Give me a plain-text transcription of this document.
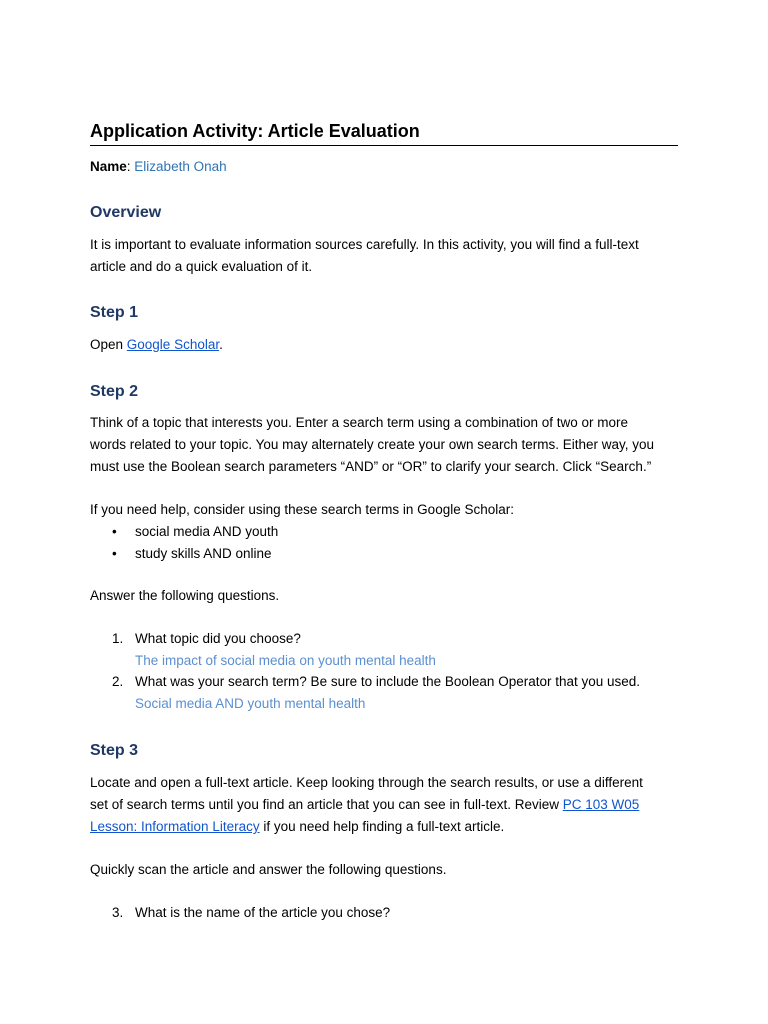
Application Activity: Article Evaluation
Name: Elizabeth Onah
Overview

It is important to evaluate information sources carefully. In this activity, you will find a full-text

article and do a quick evaluation of it.

Step 1

Open Google Scholar.

Step 2

Think of a topic that interests you. Enter a search term using a combination of two or more

words related to your topic. You may alternately create your own search terms. Either way, you

must use the Boolean search parameters “AND” or “OR” to clarify your search. Click “Search.”

If you need help, consider using these search terms in Google Scholar:

• social media AND youth
• study skills AND online

Answer the following questions.

1. What topic did you choose?
The impact of social media on youth mental health
2. What was your search term? Be sure to include the Boolean Operator that you used.
Social media AND youth mental health
Step 3

Locate and open a full-text article. Keep looking through the search results, or use a different

set of search terms until you find an article that you can see in full-text. Review PC 103 W05

Lesson: Information Literacy if you need help finding a full-text article.

Quickly scan the article and answer the following questions.

3. What is the name of the article you chose?
